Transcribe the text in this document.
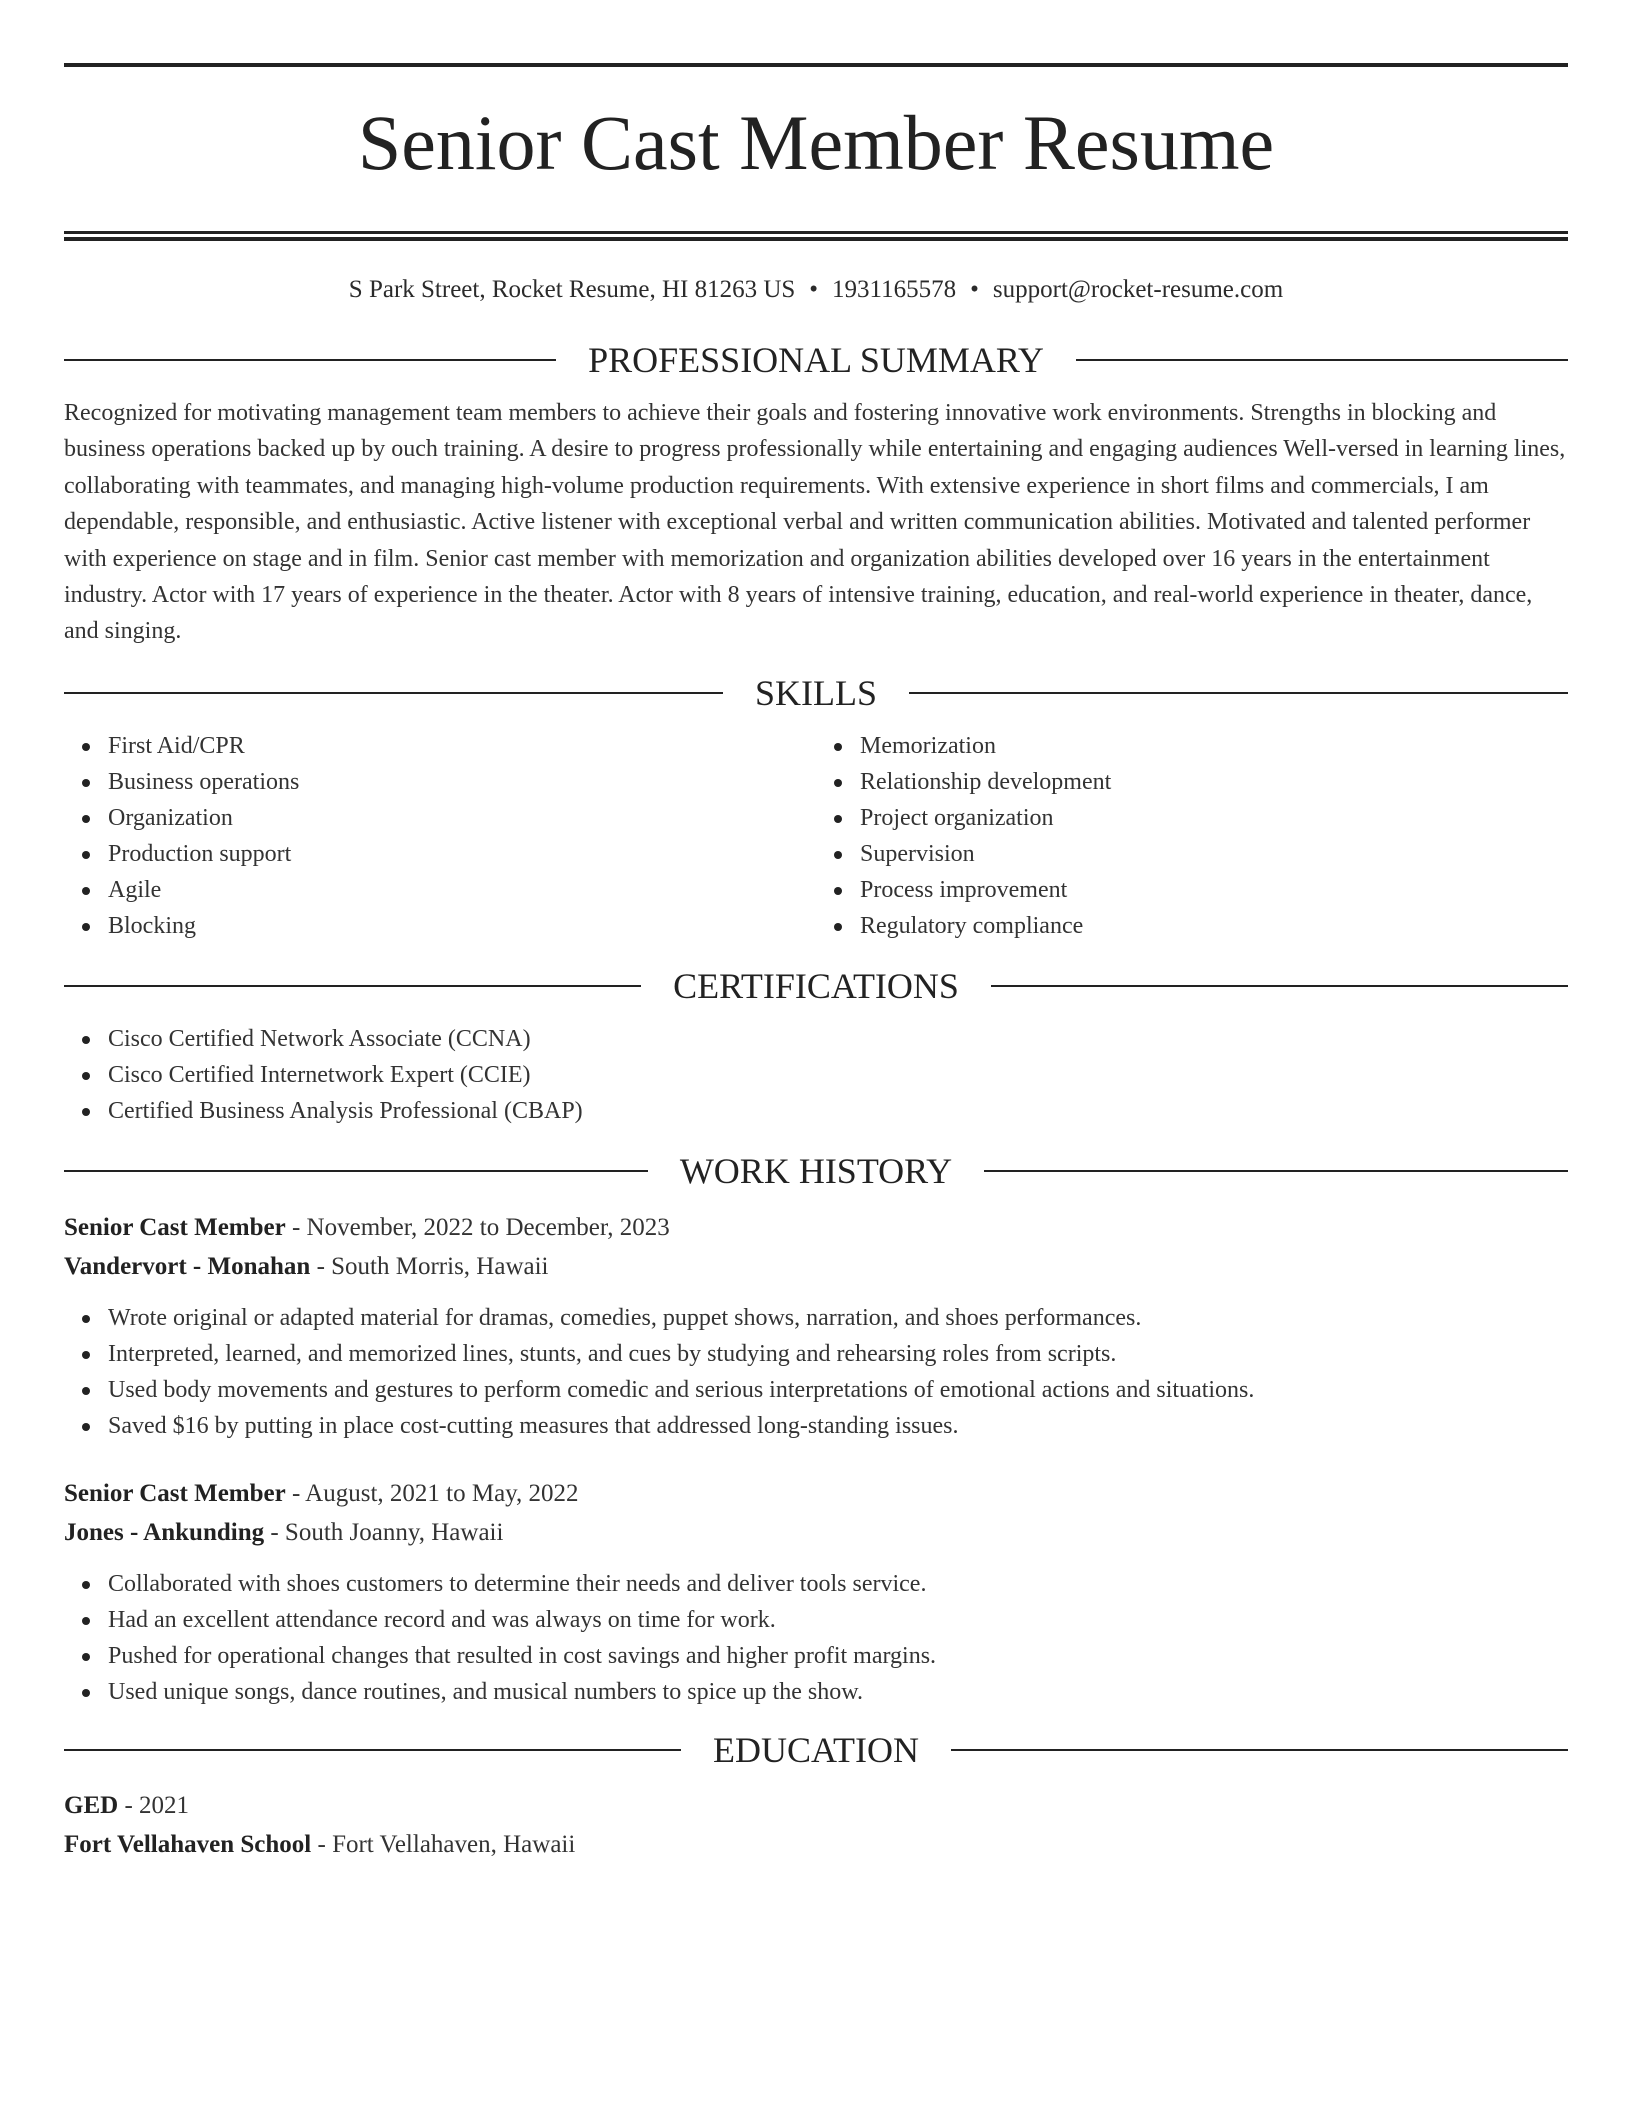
Senior Cast Member Resume
S Park Street, Rocket Resume, HI 81263 US • 1931165578 • support@rocket-resume.com
PROFESSIONAL SUMMARY

Recognized for motivating management team members to achieve their goals and fostering innovative work environments. Strengths in blocking and business operations backed up by ouch training. A desire to progress professionally while entertaining and engaging audiences Well-versed in learning lines, collaborating with teammates, and managing high-volume production requirements. With extensive experience in short films and commercials, I am dependable, responsible, and enthusiastic. Active listener with exceptional verbal and written communication abilities. Motivated and talented performer with experience on stage and in film. Senior cast member with memorization and organization abilities developed over 16 years in the entertainment industry. Actor with 17 years of experience in the theater. Actor with 8 years of intensive training, education, and real-world experience in theater, dance, and singing.

SKILLS
First Aid/CPR
Business operations
Organization
Production support
Agile
Blocking
Memorization
Relationship development
Project organization
Supervision
Process improvement
Regulatory compliance
CERTIFICATIONS
Cisco Certified Network Associate (CCNA)
Cisco Certified Internetwork Expert (CCIE)
Certified Business Analysis Professional (CBAP)
WORK HISTORY
Senior Cast Member - November, 2022 to December, 2023
Vandervort - Monahan - South Morris, Hawaii
Wrote original or adapted material for dramas, comedies, puppet shows, narration, and shoes performances.
Interpreted, learned, and memorized lines, stunts, and cues by studying and rehearsing roles from scripts.
Used body movements and gestures to perform comedic and serious interpretations of emotional actions and situations.
Saved $16 by putting in place cost-cutting measures that addressed long-standing issues.
Senior Cast Member - August, 2021 to May, 2022
Jones - Ankunding - South Joanny, Hawaii
Collaborated with shoes customers to determine their needs and deliver tools service.
Had an excellent attendance record and was always on time for work.
Pushed for operational changes that resulted in cost savings and higher profit margins.
Used unique songs, dance routines, and musical numbers to spice up the show.
EDUCATION
GED - 2021
Fort Vellahaven School - Fort Vellahaven, Hawaii
